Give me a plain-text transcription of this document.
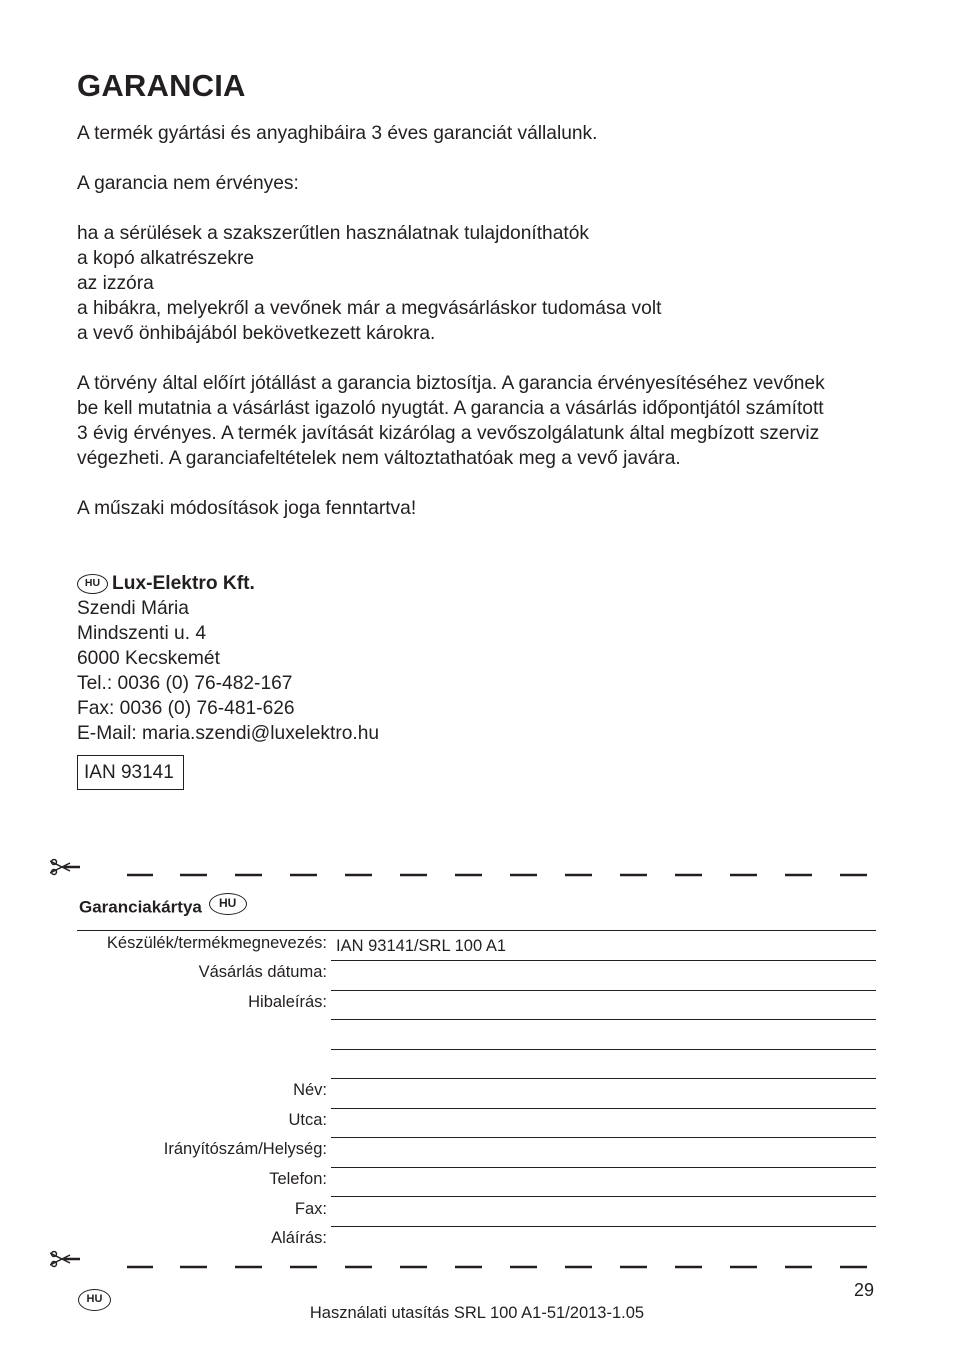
GARANCIA
A termék gyártási és anyaghibáira 3 éves garanciát vállalunk.
A garancia nem érvényes:
ha a sérülések a szakszerűtlen használatnak tulajdoníthatók
a kopó alkatrészekre
az izzóra
a hibákra, melyekről a vevőnek már a megvásárláskor tudomása volt
a vevő önhibájából bekövetkezett károkra.
A törvény által előírt jótállást a garancia biztosítja. A garancia érvényesítéséhez vevőnek
be kell mutatnia a vásárlást igazoló nyugtát. A garancia a vásárlás időpontjától számított
3 évig érvényes. A termék javítását kizárólag a vevőszolgálatunk által megbízott szerviz
végezheti. A garanciafeltételek nem változtathatóak meg a vevő javára.
A műszaki módosítások joga fenntartva!
HU Lux-Elektro Kft.
Szendi Mária
Mindszenti u. 4
6000 Kecskemét
Tel.: 0036 (0) 76-482-167
Fax: 0036 (0) 76-481-626
E-Mail: maria.szendi@luxelektro.hu
IAN 93141
Garanciakártya HU
Készülék/termékmegnevezés: IAN 93141/SRL 100 A1
Vásárlás dátuma:
Hibaleírás:
Név:
Utca:
Irányítószám/Helység:
Telefon:
Fax:
Aláírás:
29
HU
Használati utasítás SRL 100 A1-51/2013-1.05
